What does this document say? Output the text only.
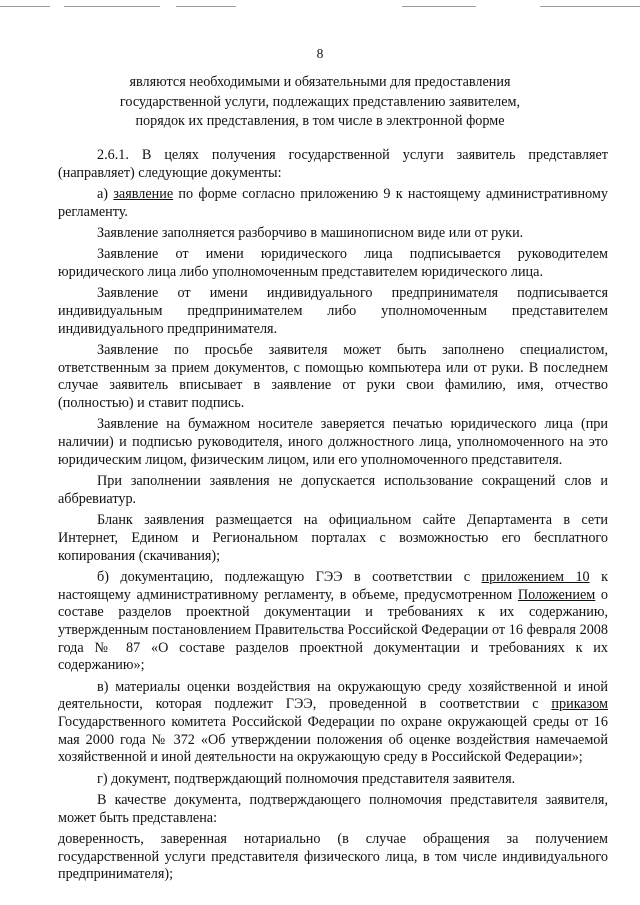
8
являются необходимыми и обязательными для предоставления
государственной услуги, подлежащих представлению заявителем,
порядок их представления, в том числе в электронной форме

2.6.1. В целях получения государственной услуги заявитель представляет (направляет) следующие документы:

а) заявление по форме согласно приложению 9 к настоящему административному регламенту.

Заявление заполняется разборчиво в машинописном виде или от руки.

Заявление от имени юридического лица подписывается руководителем юридического лица либо уполномоченным представителем юридического лица.

Заявление от имени индивидуального предпринимателя подписывается индивидуальным предпринимателем либо уполномоченным представителем индивидуального предпринимателя.

Заявление по просьбе заявителя может быть заполнено специалистом, ответственным за прием документов, с помощью компьютера или от руки. В последнем случае заявитель вписывает в заявление от руки свои фамилию, имя, отчество (полностью) и ставит подпись.

Заявление на бумажном носителе заверяется печатью юридического лица (при наличии) и подписью руководителя, иного должностного лица, уполномоченного на это юридическим лицом, физическим лицом, или его уполномоченного представителя.

При заполнении заявления не допускается использование сокращений слов и аббревиатур.

Бланк заявления размещается на официальном сайте Департамента в сети Интернет, Едином и Региональном порталах с возможностью его бесплатного копирования (скачивания);

б) документацию, подлежащую ГЭЭ в соответствии с приложением 10 к настоящему административному регламенту, в объеме, предусмотренном Положением о составе разделов проектной документации и требованиях к их содержанию, утвержденным постановлением Правительства Российской Федерации от 16 февраля 2008 года № 87 «О составе разделов проектной документации и требованиях к их содержанию»;

в) материалы оценки воздействия на окружающую среду хозяйственной и иной деятельности, которая подлежит ГЭЭ, проведенной в соответствии с приказом Государственного комитета Российской Федерации по охране окружающей среды от 16 мая 2000 года № 372 «Об утверждении положения об оценке воздействия намечаемой хозяйственной и иной деятельности на окружающую среду в Российской Федерации»;

г) документ, подтверждающий полномочия представителя заявителя.

В качестве документа, подтверждающего полномочия представителя заявителя, может быть представлена:

доверенность, заверенная нотариально (в случае обращения за получением государственной услуги представителя физического лица, в том числе индивидуального предпринимателя);
